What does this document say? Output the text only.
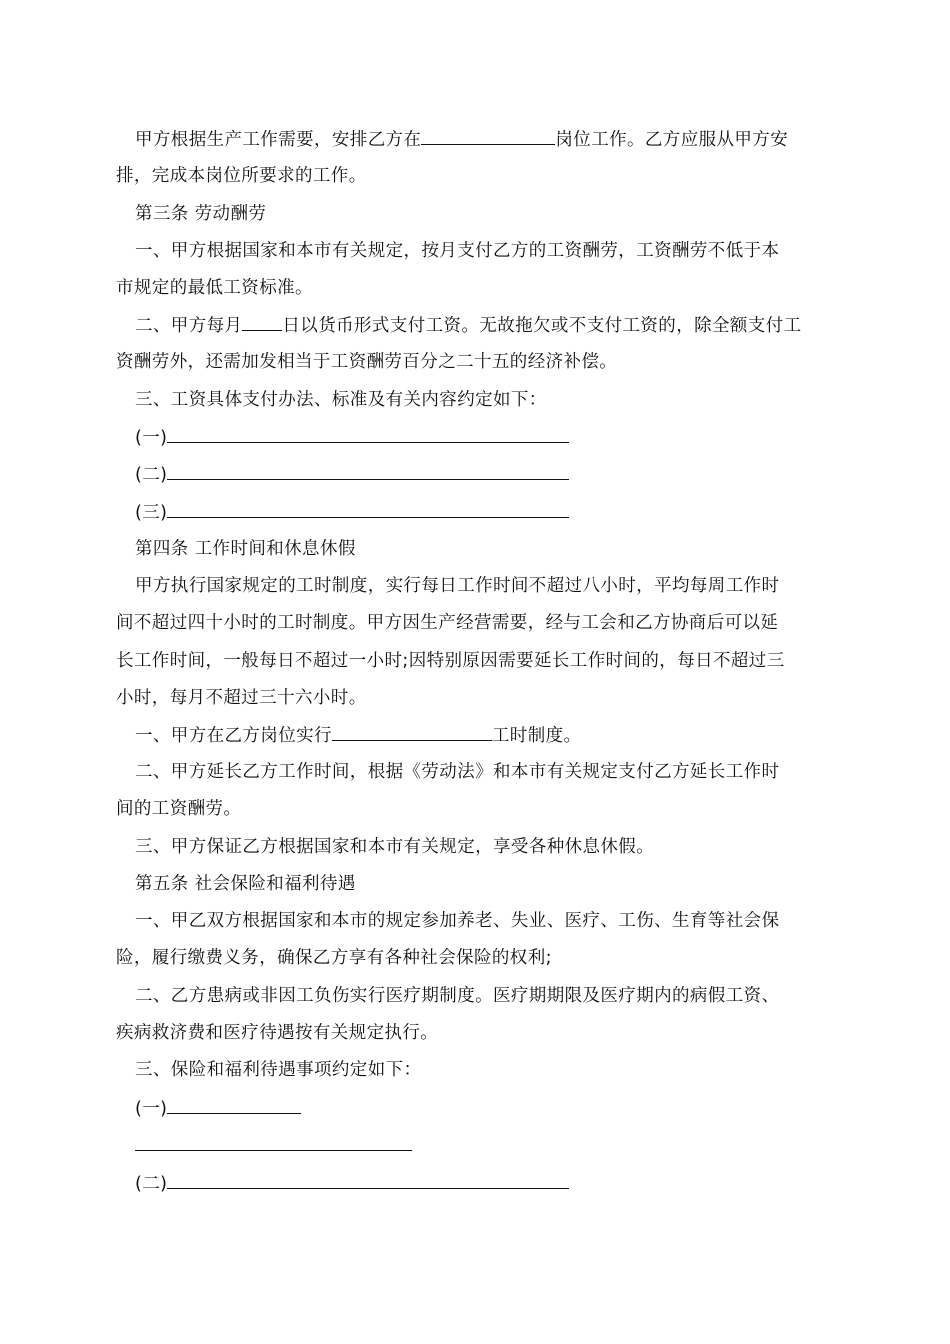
甲方根据生产工作需要，安排乙方在	岗位工作。乙方应服从甲方安
排，完成本岗位所要求的工作。
第三条 劳动酬劳
一、甲方根据国家和本市有关规定，按月支付乙方的工资酬劳，工资酬劳不低于本
市规定的最低工资标准。
二、甲方每月 日以货币形式支付工资。无故拖欠或不支付工资的，除全额支付工
资酬劳外，还需加发相当于工资酬劳百分之二十五的经济补偿。
三、工资具体支付办法、标准及有关内容约定如下：
(一)
(二)
(三)
第四条 工作时间和休息休假
甲方执行国家规定的工时制度，实行每日工作时间不超过八小时，平均每周工作时
间不超过四十小时的工时制度。甲方因生产经营需要，经与工会和乙方协商后可以延
长工作时间，一般每日不超过一小时;因特别原因需要延长工作时间的，每日不超过三
小时，每月不超过三十六小时。
一、甲方在乙方岗位实行	工时制度。
二、甲方延长乙方工作时间，根据《劳动法》和本市有关规定支付乙方延长工作时
间的工资酬劳。
三、甲方保证乙方根据国家和本市有关规定，享受各种休息休假。
第五条 社会保险和福利待遇
一、甲乙双方根据国家和本市的规定参加养老、失业、医疗、工伤、生育等社会保
险，履行缴费义务，确保乙方享有各种社会保险的权利;
二、乙方患病或非因工负伤实行医疗期制度。医疗期期限及医疗期内的病假工资、
疾病救济费和医疗待遇按有关规定执行。
三、保险和福利待遇事项约定如下：
(一)
(二)
